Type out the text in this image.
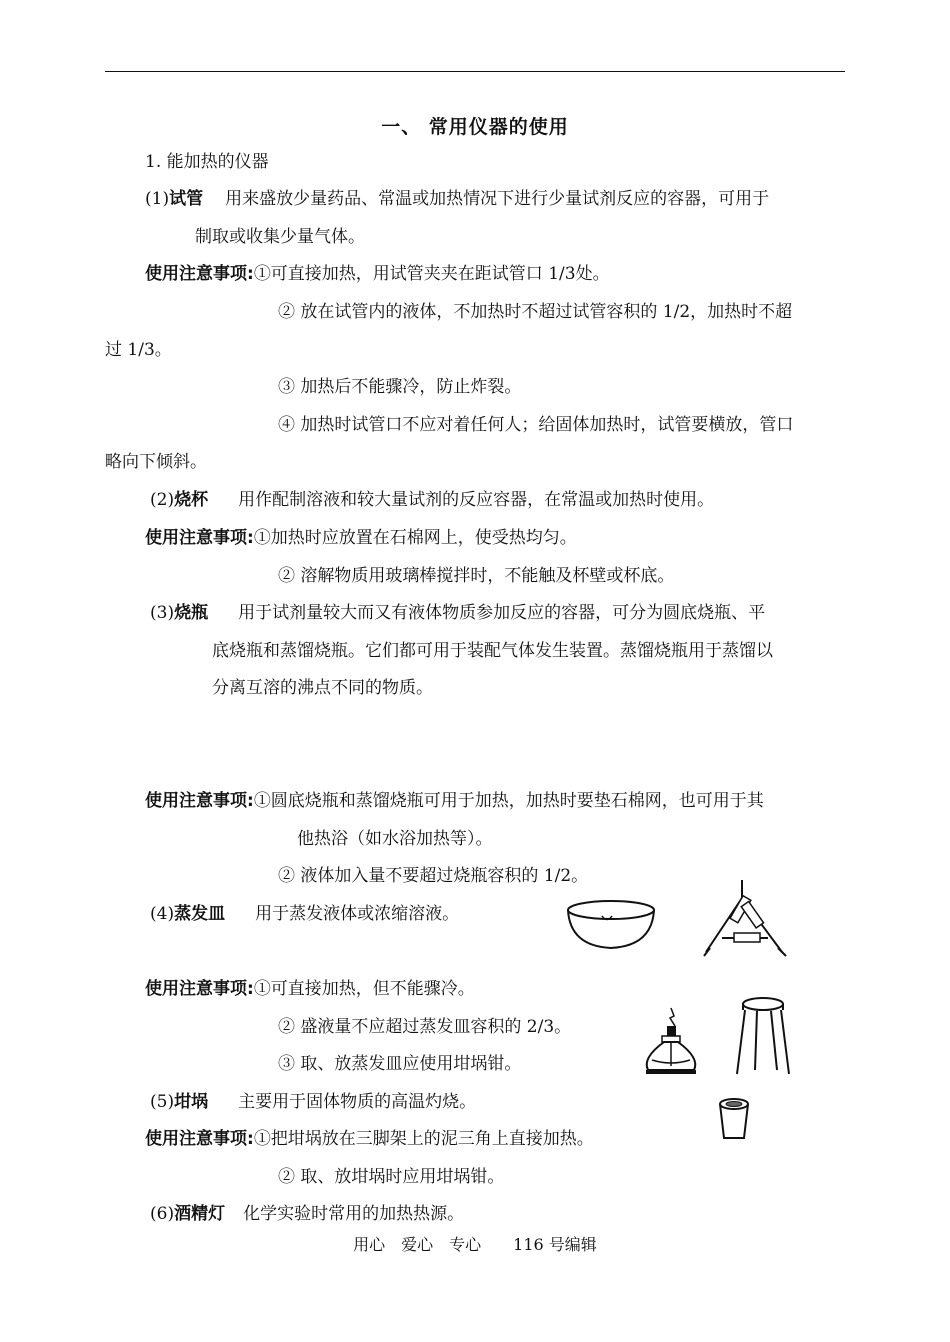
一、 常用仪器的使用
1. 能加热的仪器
(1)试管 用来盛放少量药品、常温或加热情况下进行少量试剂反应的容器，可用于
制取或收集少量气体。
使用注意事项:①可直接加热，用试管夹夹在距试管口 1/3处。
② 放在试管内的液体，不加热时不超过试管容积的 1/2，加热时不超
过 1/3。
③ 加热后不能骤冷，防止炸裂。
④ 加热时试管口不应对着任何人；给固体加热时，试管要横放，管口
略向下倾斜。
(2)烧杯 用作配制溶液和较大量试剂的反应容器，在常温或加热时使用。
使用注意事项:①加热时应放置在石棉网上，使受热均匀。
② 溶解物质用玻璃棒搅拌时，不能触及杯壁或杯底。
(3)烧瓶 用于试剂量较大而又有液体物质参加反应的容器，可分为圆底烧瓶、平
底烧瓶和蒸馏烧瓶。它们都可用于装配气体发生装置。蒸馏烧瓶用于蒸馏以
分离互溶的沸点不同的物质。
使用注意事项:①圆底烧瓶和蒸馏烧瓶可用于加热，加热时要垫石棉网，也可用于其
他热浴（如水浴加热等）。
② 液体加入量不要超过烧瓶容积的 1/2。
(4)蒸发皿 用于蒸发液体或浓缩溶液。
使用注意事项:①可直接加热，但不能骤冷。
② 盛液量不应超过蒸发皿容积的 2/3。
③ 取、放蒸发皿应使用坩埚钳。
(5)坩埚 主要用于固体物质的高温灼烧。
使用注意事项:①把坩埚放在三脚架上的泥三角上直接加热。
② 取、放坩埚时应用坩埚钳。
(6)酒精灯 化学实验时常用的加热热源。
用心　爱心　专心　　116 号编辑
